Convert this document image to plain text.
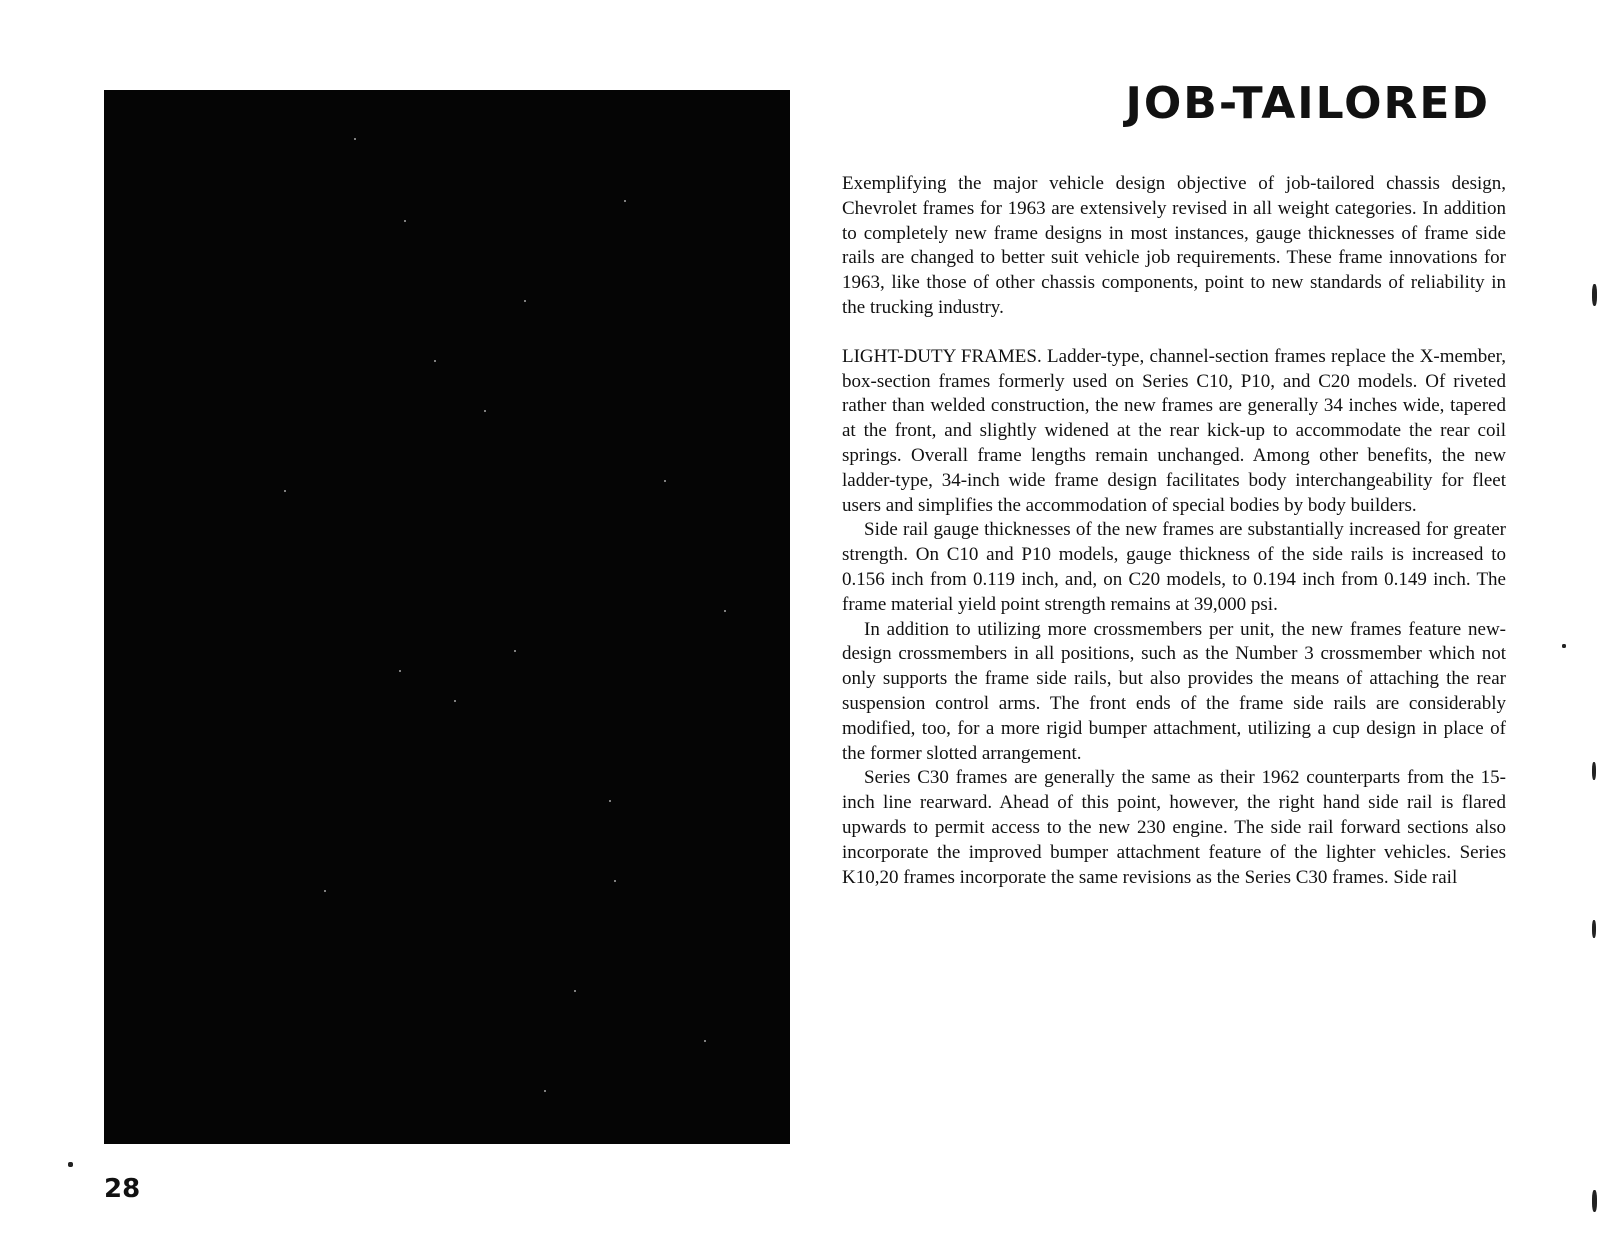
JOB-TAILORED

Exemplifying the major vehicle design objective of job-tailored chassis design, Chevrolet frames for 1963 are extensively revised in all weight categories. In addition to completely new frame designs in most instances, gauge thicknesses of frame side rails are changed to better suit vehicle job requirements. These frame innovations for 1963, like those of other chassis components, point to new standards of reliability in the trucking industry.

LIGHT-DUTY FRAMES. Ladder-type, channel-section frames replace the X-member, box-section frames formerly used on Series C10, P10, and C20 models. Of riveted rather than welded construction, the new frames are generally 34 inches wide, tapered at the front, and slightly widened at the rear kick-up to accommodate the rear coil springs. Overall frame lengths remain unchanged. Among other benefits, the new ladder-type, 34-inch wide frame design facilitates body interchangeability for fleet users and simplifies the accommodation of special bodies by body builders.

Side rail gauge thicknesses of the new frames are substantially increased for greater strength. On C10 and P10 models, gauge thickness of the side rails is increased to 0.156 inch from 0.119 inch, and, on C20 models, to 0.194 inch from 0.149 inch. The frame material yield point strength remains at 39,000 psi.

In addition to utilizing more crossmembers per unit, the new frames feature new-design crossmembers in all positions, such as the Number 3 crossmember which not only supports the frame side rails, but also provides the means of attaching the rear suspension control arms. The front ends of the frame side rails are considerably modified, too, for a more rigid bumper attachment, utilizing a cup design in place of the former slotted arrangement.

Series C30 frames are generally the same as their 1962 counterparts from the 15-inch line rearward. Ahead of this point, however, the right hand side rail is flared upwards to permit access to the new 230 engine. The side rail forward sections also incorporate the improved bumper attachment feature of the lighter vehicles. Series K10,20 frames incorporate the same revisions as the Series C30 frames. Side rail

28
